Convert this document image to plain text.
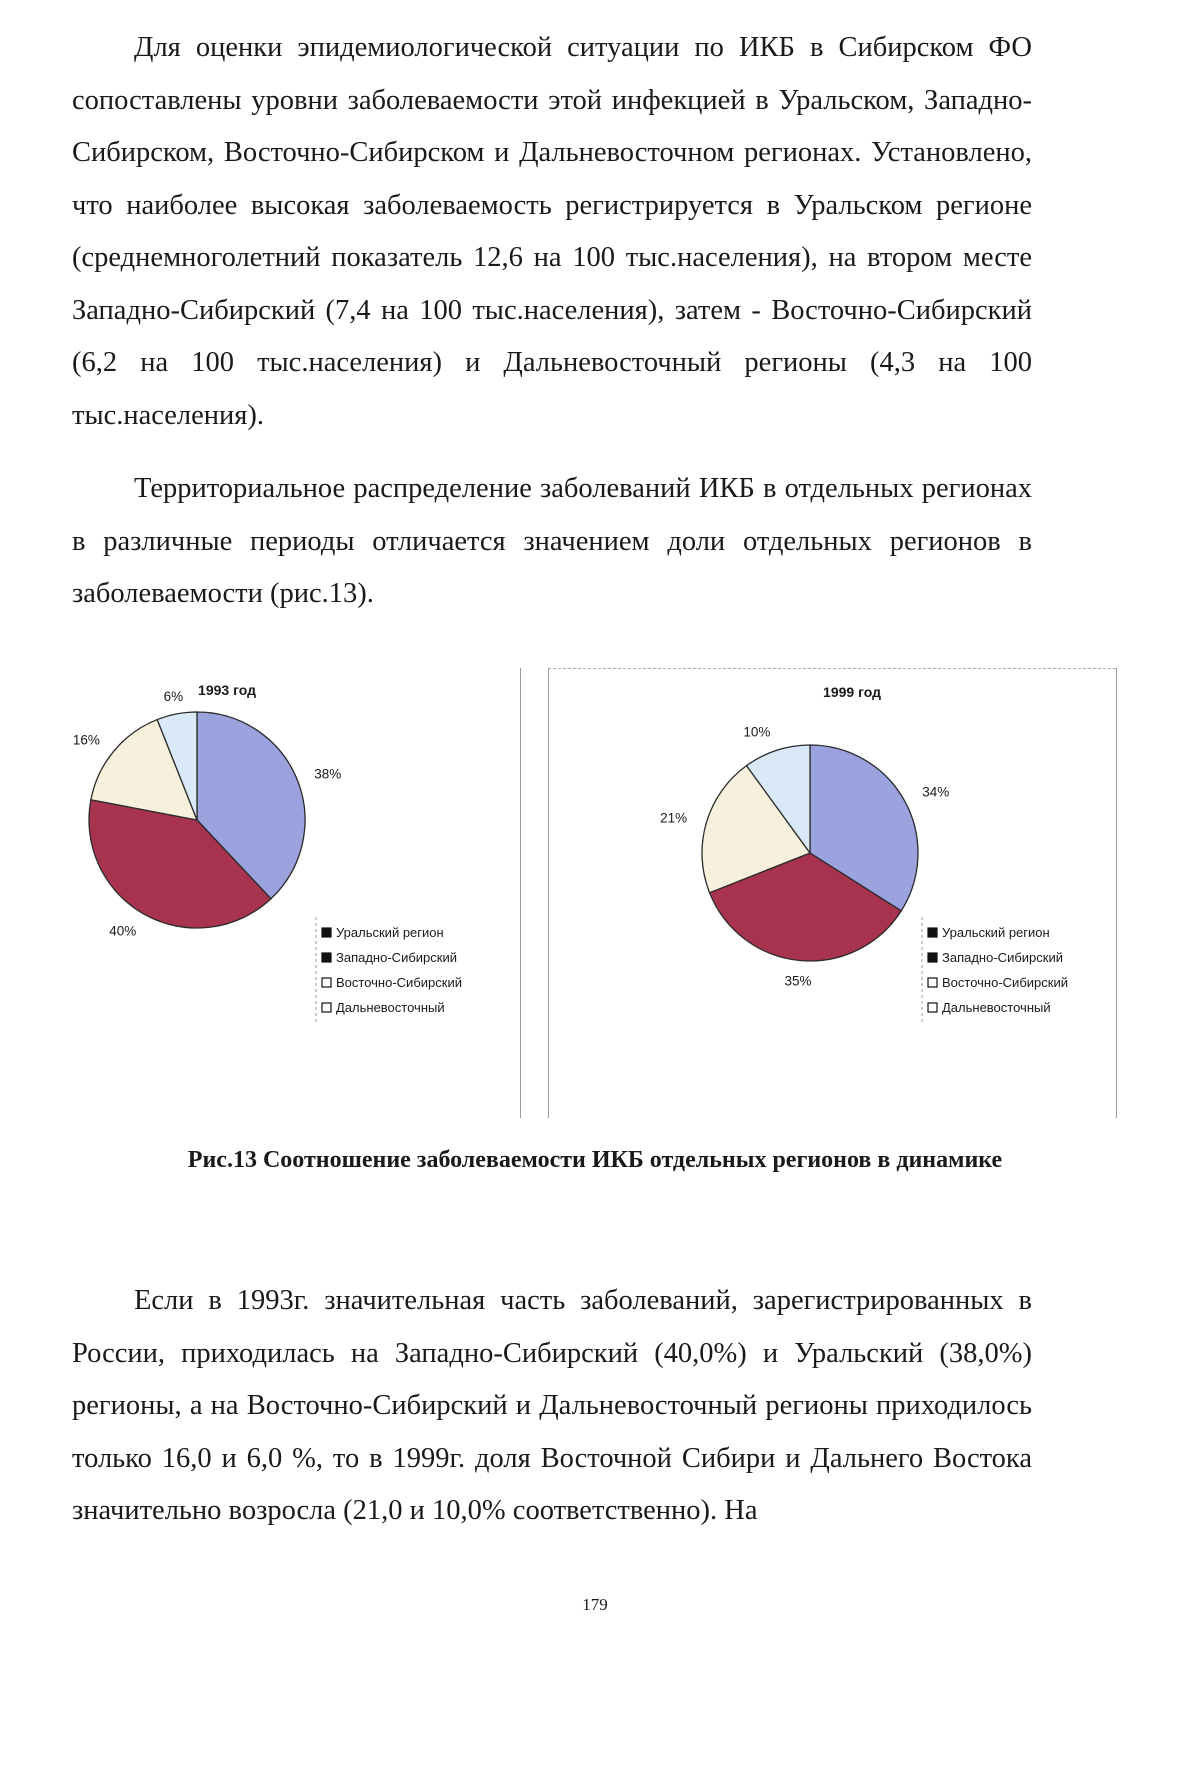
Для оценки эпидемиологической ситуации по ИКБ в Сибирском ФО сопоставлены уровни заболеваемости этой инфекцией в Уральском, Западно-Сибирском, Восточно-Сибирском и Дальневосточном регионах. Установлено, что наиболее высокая заболеваемость регистрируется в Уральском регионе (среднемноголетний показатель 12,6 на 100 тыс.населения), на втором месте Западно-Сибирский (7,4 на 100 тыс.населения), затем - Восточно-Сибирский (6,2 на 100 тыс.населения) и Дальневосточный регионы (4,3 на 100 тыс.населения).

Территориальное распределение заболеваний ИКБ в отдельных регионах в различные периоды отличается значением доли отдельных регионов в заболеваемости (рис.13).

1993 год
38%
40%
16%
6%
Уральский регион
Западно-Сибирский
Восточно-Сибирский
Дальневосточный
1999 год
34%
35%
21%
10%
Уральский регион
Западно-Сибирский
Восточно-Сибирский
Дальневосточный

Рис.13 Соотношение заболеваемости ИКБ отдельных регионов в динамике

Если в 1993г. значительная часть заболеваний, зарегистрированных в России, приходилась на Западно-Сибирский (40,0%) и Уральский (38,0%) регионы, а на Восточно-Сибирский и Дальневосточный регионы приходилось только 16,0 и 6,0 %, то в 1999г. доля Восточной Сибири и Дальнего Востока значительно возросла (21,0 и 10,0% соответственно). На

179
